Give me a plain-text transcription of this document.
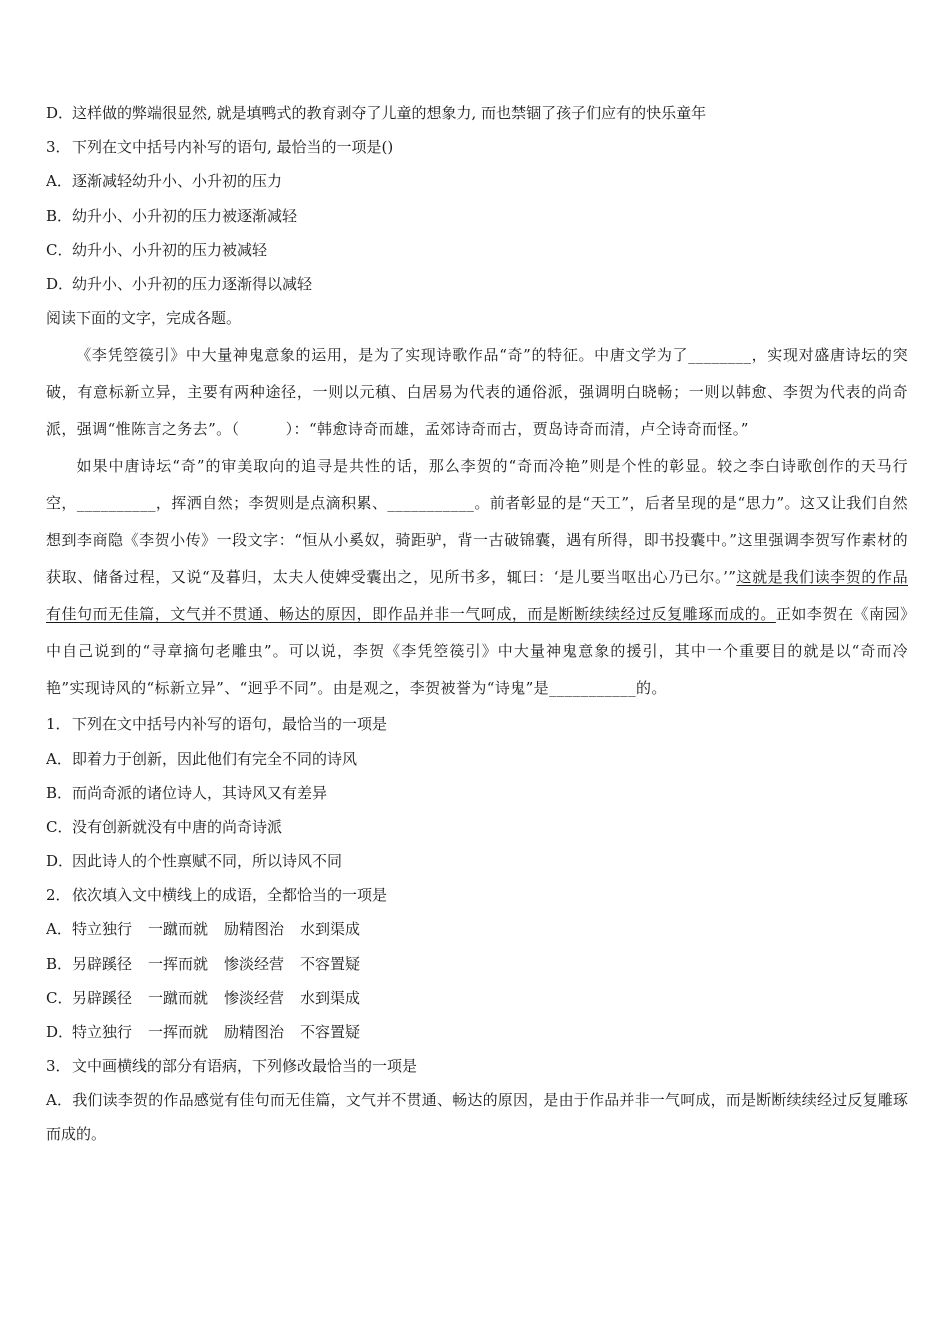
D．这样做的弊端很显然, 就是填鸭式的教育剥夺了儿童的想象力, 而也禁锢了孩子们应有的快乐童年
3．下列在文中括号内补写的语句, 最恰当的一项是()
A．逐渐减轻幼升小、小升初的压力
B．幼升小、小升初的压力被逐渐减轻
C．幼升小、小升初的压力被减轻
D．幼升小、小升初的压力逐渐得以减轻
阅读下面的文字，完成各题。

《李凭箜篌引》中大量神鬼意象的运用，是为了实现诗歌作品“奇”的特征。中唐文学为了________，实现对盛唐诗坛的突破，有意标新立异，主要有两种途径，一则以元稹、白居易为代表的通俗派，强调明白晓畅；一则以韩愈、李贺为代表的尚奇派，强调“惟陈言之务去”。（　　　）：“韩愈诗奇而雄，孟郊诗奇而古，贾岛诗奇而清，卢仝诗奇而怪。”

如果中唐诗坛“奇”的审美取向的追寻是共性的话，那么李贺的“奇而冷艳”则是个性的彰显。较之李白诗歌创作的天马行空，__________，挥洒自然；李贺则是点滴积累、___________。前者彰显的是“天工”，后者呈现的是“思力”。这又让我们自然想到李商隐《李贺小传》一段文字：“恒从小奚奴，骑距驴，背一古破锦囊，遇有所得，即书投囊中。”这里强调李贺写作素材的获取、储备过程，又说“及暮归，太夫人使婢受囊出之，见所书多，辄曰：‘是儿要当呕出心乃已尔。’”这就是我们读李贺的作品有佳句而无佳篇，文气并不贯通、畅达的原因，即作品并非一气呵成，而是断断续续经过反复雕琢而成的。正如李贺在《南园》中自己说到的“寻章摘句老雕虫”。可以说，李贺《李凭箜篌引》中大量神鬼意象的援引，其中一个重要目的就是以“奇而冷艳”实现诗风的“标新立异”、“迥乎不同”。由是观之，李贺被誉为“诗鬼”是___________的。

1．下列在文中括号内补写的语句，最恰当的一项是
A．即着力于创新，因此他们有完全不同的诗风
B．而尚奇派的诸位诗人，其诗风又有差异
C．没有创新就没有中唐的尚奇诗派
D．因此诗人的个性禀赋不同，所以诗风不同
2．依次填入文中横线上的成语，全都恰当的一项是
A．特立独行 一蹴而就 励精图治 水到渠成
B．另辟蹊径 一挥而就 惨淡经营 不容置疑
C．另辟蹊径 一蹴而就 惨淡经营 水到渠成
D．特立独行 一挥而就 励精图治 不容置疑
3．文中画横线的部分有语病，下列修改最恰当的一项是
A．我们读李贺的作品感觉有佳句而无佳篇，文气并不贯通、畅达的原因，是由于作品并非一气呵成，而是断断续续经过反复雕琢而成的。
